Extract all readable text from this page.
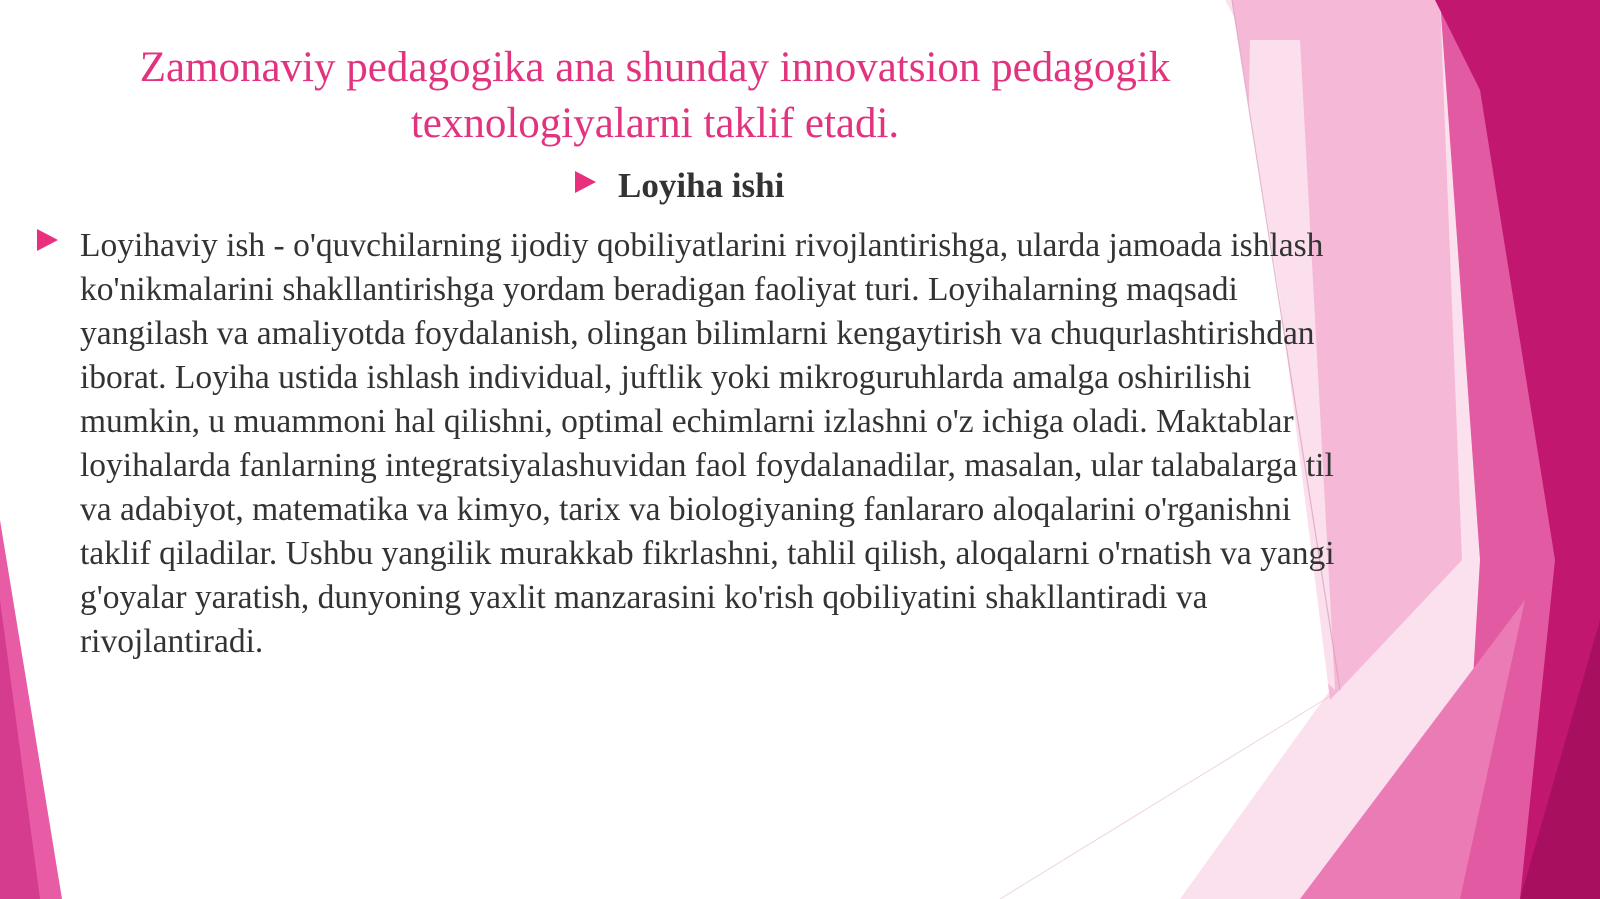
Zamonaviy pedagogika ana shunday innovatsion pedagogik texnologiyalarni taklif etadi.
Loyiha ishi

Loyihaviy ish - o'quvchilarning ijodiy qobiliyatlarini rivojlantirishga, ularda jamoada ishlash ko'nikmalarini shakllantirishga yordam beradigan faoliyat turi. Loyihalarning maqsadi yangilash va amaliyotda foydalanish, olingan bilimlarni kengaytirish va chuqurlashtirishdan iborat. Loyiha ustida ishlash individual, juftlik yoki mikroguruhlarda amalga oshirilishi mumkin, u muammoni hal qilishni, optimal echimlarni izlashni o'z ichiga oladi. Maktablar loyihalarda fanlarning integratsiyalashuvidan faol foydalanadilar, masalan, ular talabalarga til va adabiyot, matematika va kimyo, tarix va biologiyaning fanlararo aloqalarini o'rganishni taklif qiladilar. Ushbu yangilik murakkab fikrlashni, tahlil qilish, aloqalarni o'rnatish va yangi g'oyalar yaratish, dunyoning yaxlit manzarasini ko'rish qobiliyatini shakllantiradi va rivojlantiradi.
